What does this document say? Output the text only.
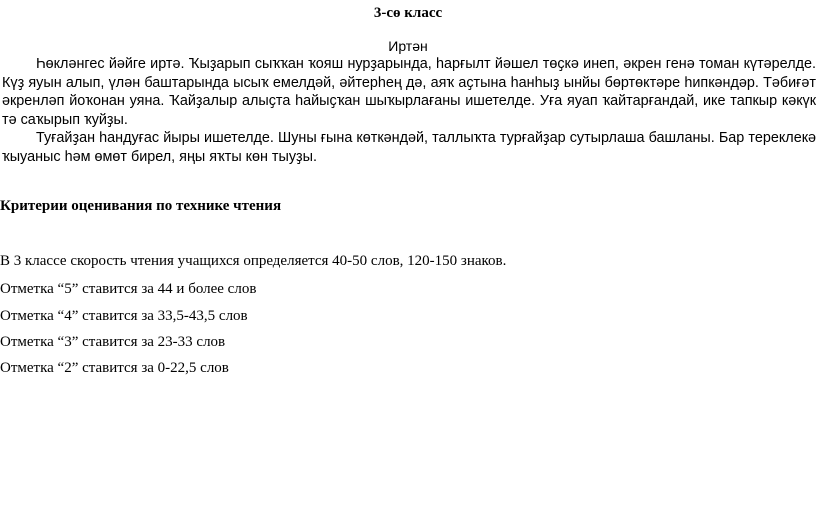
3-сө класс
Иртән

Һөкләнгес йәйге иртә. Ҡыҙарып сыҡҡан ҡояш нурҙарында, һарғылт йәшел төҫкә инеп, әкрен генә томан күтәрелде. Күҙ яуын алып, үлән баштарында ысыҡ емелдәй, әйтерһең дә, аяҡ аҫтына һанһыҙ ынйы бөртөктәре һипкәндәр. Тәбиғәт әкренләп йоҡонан уяна. Ҡайҙалыр алыҫта һайыҫҡан шыҡырлағаны ишетелде. Уға яуап ҡайтарғандай, ике тапкыр кәкүк тә саҡырып ҡуйҙы.

Туғайҙан һандуғас йыры ишетелде. Шуны ғына көткәндәй, таллыҡта турғайҙар сутырлаша башланы. Бар тереклекә ҡыуаныс һәм өмөт бирел, яңы яҡты көн тыуҙы.

Критерии оценивания по технике чтения
В 3 классе скорость чтения учащихся определяется 40-50 слов, 120-150 знаков.
Отметка “5” ставится за 44 и более слов
Отметка “4” ставится за 33,5-43,5 слов
Отметка “3” ставится за 23-33 слов
Отметка “2” ставится за 0-22,5 слов
